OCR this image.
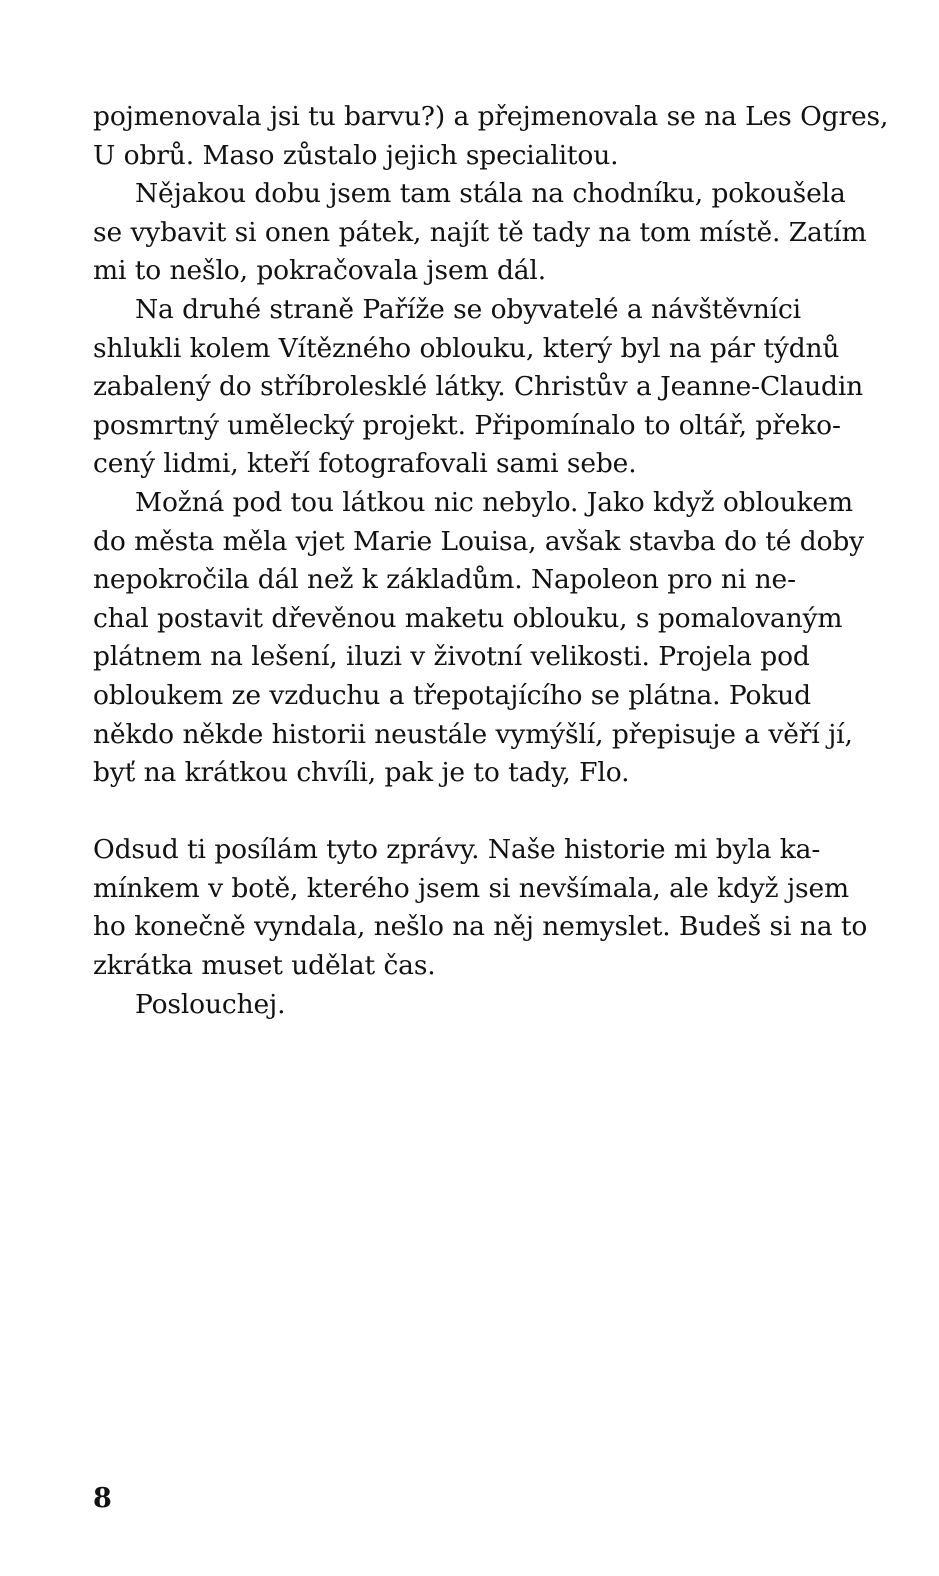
pojmenovala jsi tu barvu?) a přejmenovala se na Les Ogres,
U obrů. Maso zůstalo jejich specialitou.

Nějakou dobu jsem tam stála na chodníku, pokoušela
se vybavit si onen pátek, najít tě tady na tom místě. Zatím
mi to nešlo, pokračovala jsem dál.

Na druhé straně Paříže se obyvatelé a návštěvníci
shlukli kolem Vítězného oblouku, který byl na pár týdnů
zabalený do stříbrolesklé látky. Christův a Jeanne-Claudin
posmrtný umělecký projekt. Připomínalo to oltář, překo-
cený lidmi, kteří fotografovali sami sebe.

Možná pod tou látkou nic nebylo. Jako když obloukem
do města měla vjet Marie Louisa, avšak stavba do té doby
nepokročila dál než k základům. Napoleon pro ni ne-
chal postavit dřevěnou maketu oblouku, s pomalovaným
plátnem na lešení, iluzi v životní velikosti. Projela pod
obloukem ze vzduchu a třepotajícího se plátna. Pokud
někdo někde historii neustále vymýšlí, přepisuje a věří jí,
byť na krátkou chvíli, pak je to tady, Flo.

Odsud ti posílám tyto zprávy. Naše historie mi byla ka-
mínkem v botě, kterého jsem si nevšímala, ale když jsem
ho konečně vyndala, nešlo na něj nemyslet. Budeš si na to
zkrátka muset udělat čas.

Poslouchej.

8
